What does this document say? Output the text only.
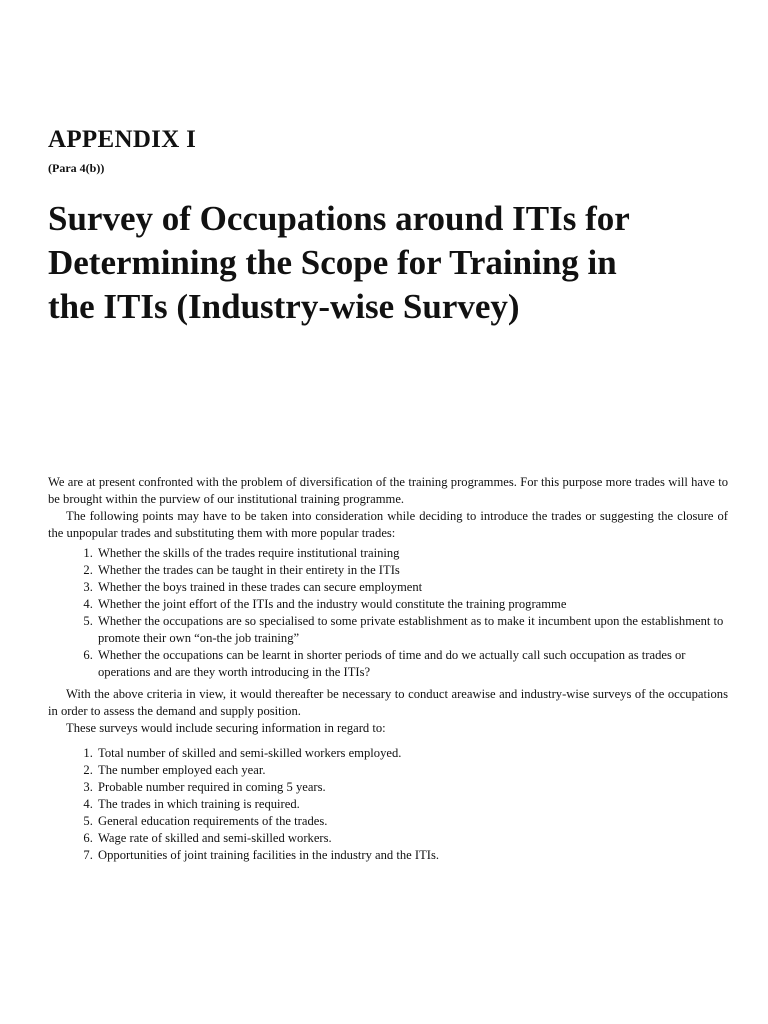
APPENDIX I
(Para 4(b))
Survey of Occupations around ITIs for
Determining the Scope for Training in
the ITIs (Industry-wise Survey)

We are at present confronted with the problem of diversification of the training programmes. For this purpose more trades will have to be brought within the purview of our institutional training programme.

The following points may have to be taken into consideration while deciding to introduce the trades or suggesting the closure of the unpopular trades and substituting them with more popular trades:

1. Whether the skills of the trades require institutional training
2. Whether the trades can be taught in their entirety in the ITIs
3. Whether the boys trained in these trades can secure employment
4. Whether the joint effort of the ITIs and the industry would constitute the training programme
5. Whether the occupations are so specialised to some private establishment as to make it incumbent upon the establishment to promote their own “on-the job training”
6. Whether the occupations can be learnt in shorter periods of time and do we actually call such occupation as trades or operations and are they worth introducing in the ITIs?

With the above criteria in view, it would thereafter be necessary to conduct areawise and industry-wise surveys of the occupations in order to assess the demand and supply position.

These surveys would include securing information in regard to:

1. Total number of skilled and semi-skilled workers employed.
2. The number employed each year.
3. Probable number required in coming 5 years.
4. The trades in which training is required.
5. General education requirements of the trades.
6. Wage rate of skilled and semi-skilled workers.
7. Opportunities of joint training facilities in the industry and the ITIs.
